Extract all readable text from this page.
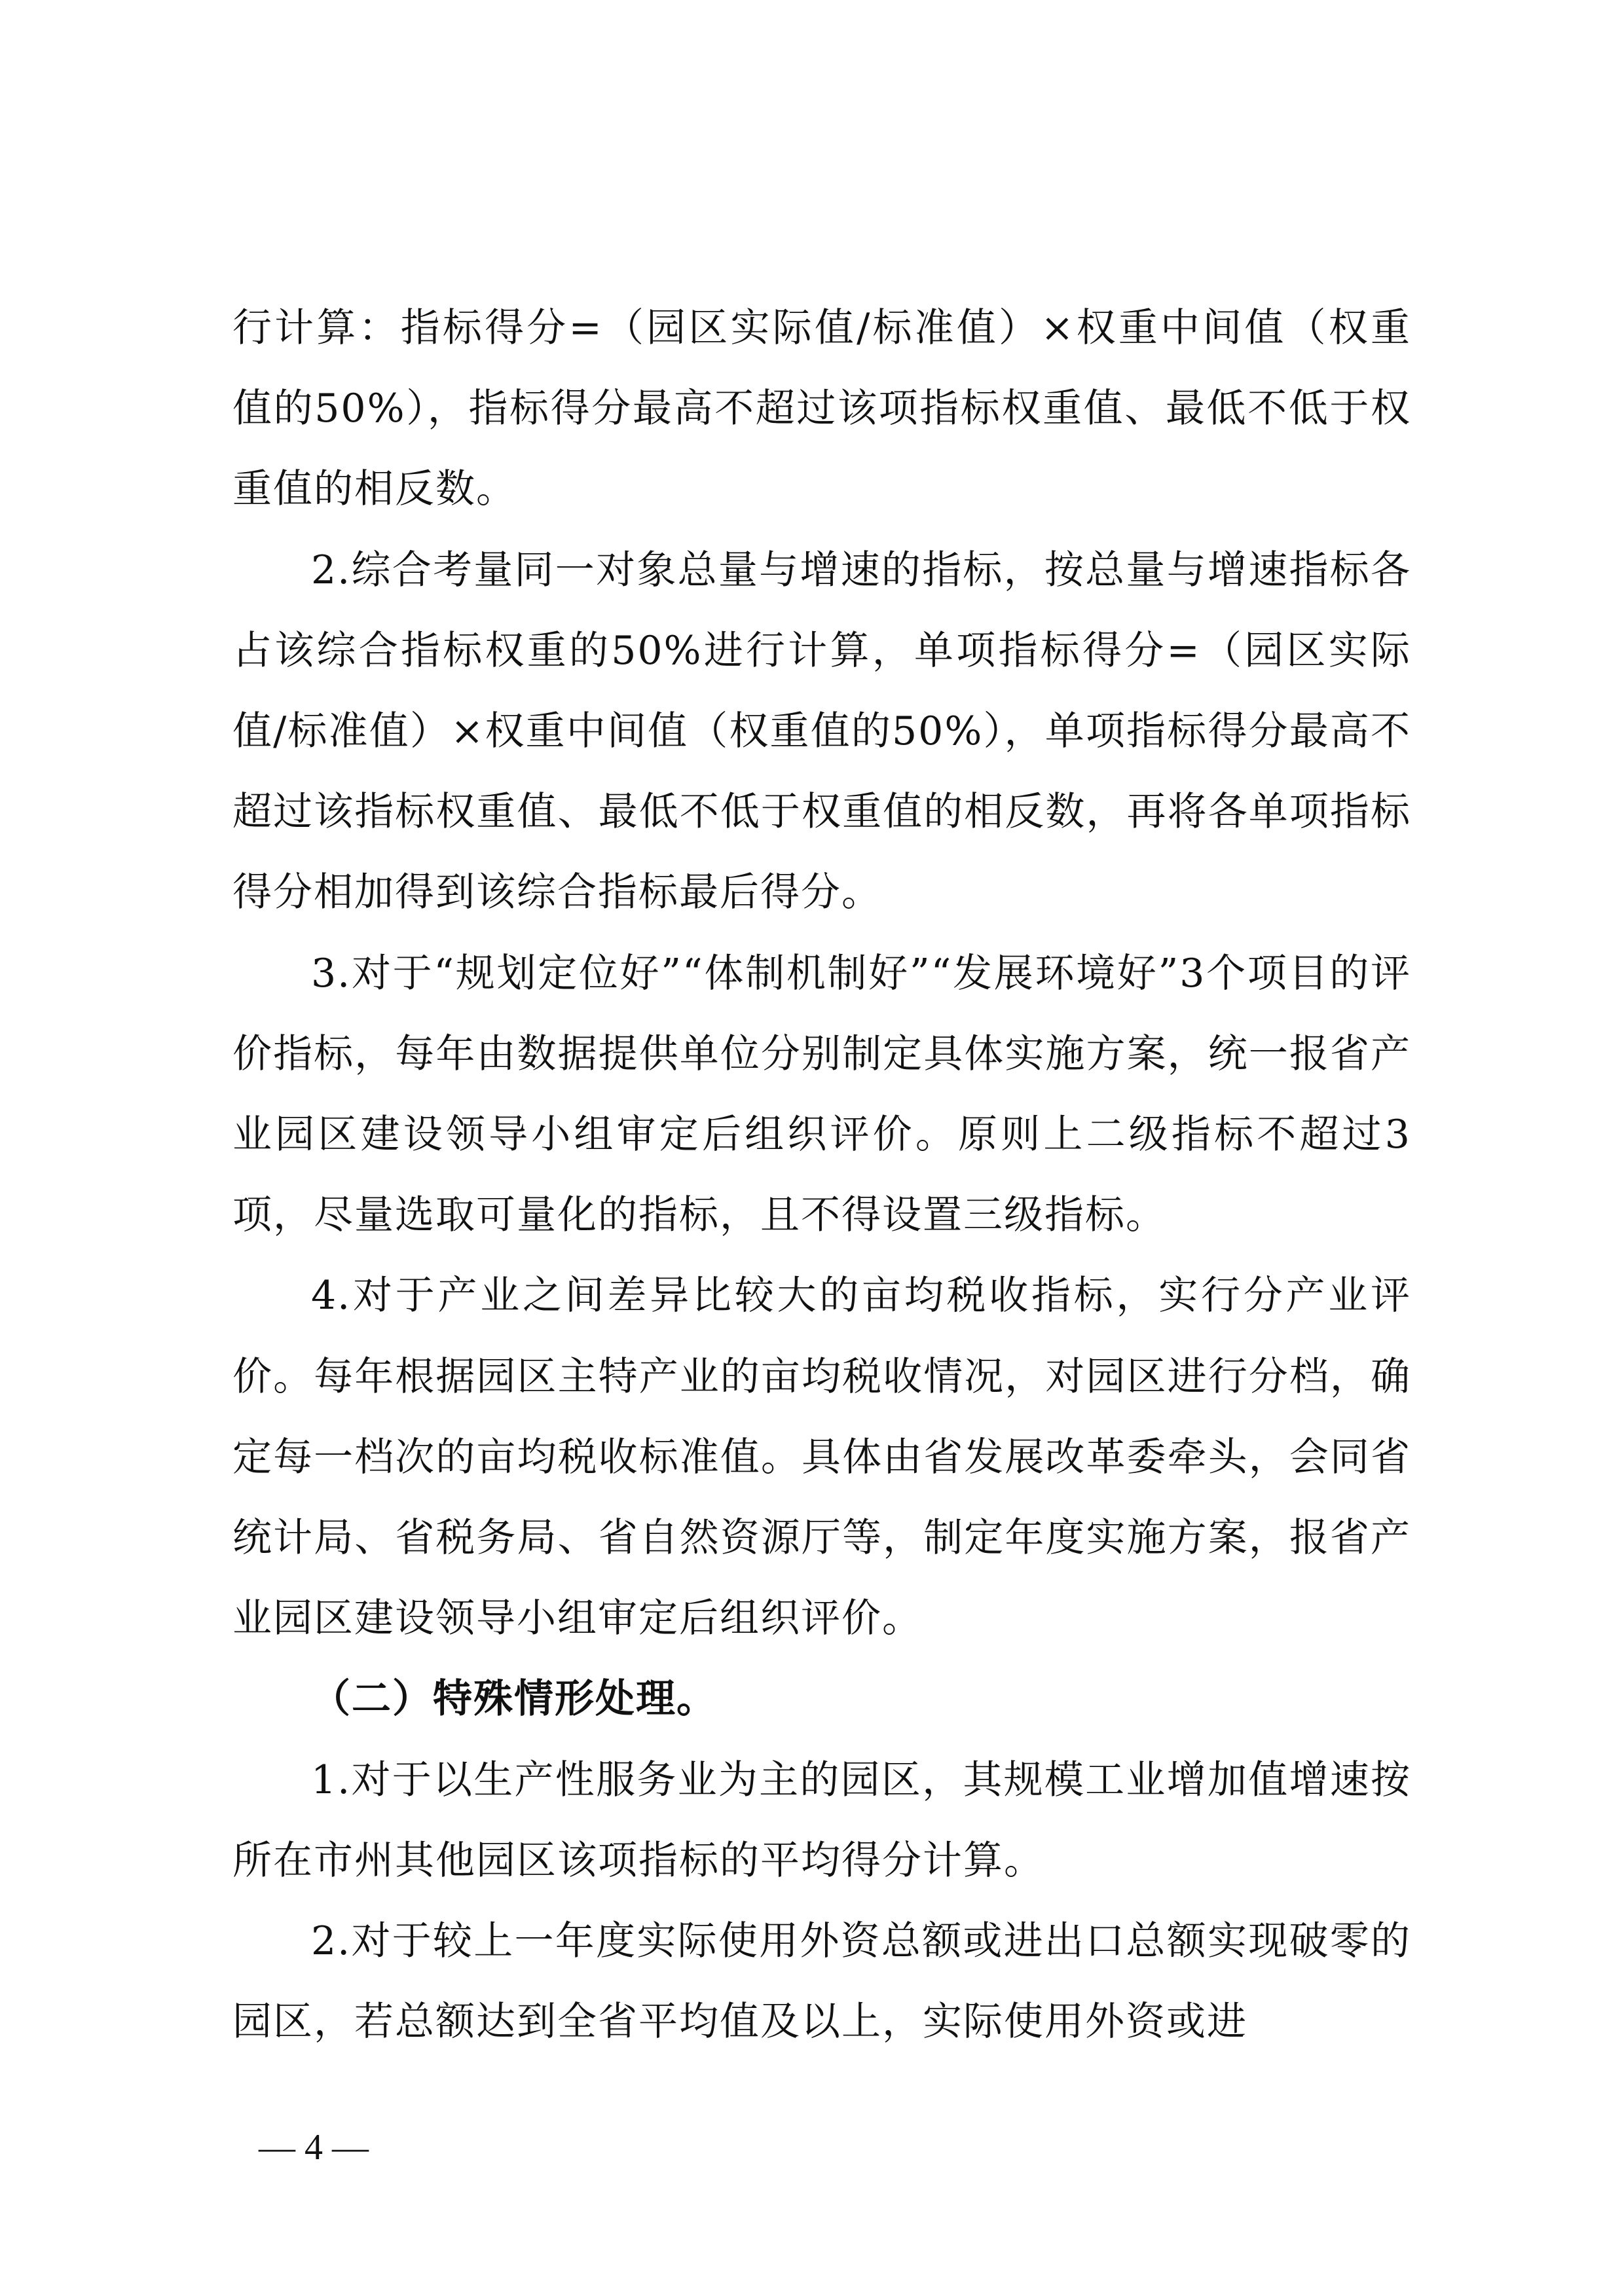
行计算：指标得分=（园区实际值/标准值）×权重中间值（权重值的50%），指标得分最高不超过该项指标权重值、最低不低于权重值的相反数。

2.综合考量同一对象总量与增速的指标，按总量与增速指标各占该综合指标权重的50%进行计算，单项指标得分=（园区实际值/标准值）×权重中间值（权重值的50%），单项指标得分最高不超过该指标权重值、最低不低于权重值的相反数，再将各单项指标得分相加得到该综合指标最后得分。

3.对于“规划定位好”“体制机制好”“发展环境好”3个项目的评价指标，每年由数据提供单位分别制定具体实施方案，统一报省产业园区建设领导小组审定后组织评价。原则上二级指标不超过3项，尽量选取可量化的指标，且不得设置三级指标。

4.对于产业之间差异比较大的亩均税收指标，实行分产业评价。每年根据园区主特产业的亩均税收情况，对园区进行分档，确定每一档次的亩均税收标准值。具体由省发展改革委牵头，会同省统计局、省税务局、省自然资源厅等，制定年度实施方案，报省产业园区建设领导小组审定后组织评价。

（二）特殊情形处理。

1.对于以生产性服务业为主的园区，其规模工业增加值增速按所在市州其他园区该项指标的平均得分计算。

2.对于较上一年度实际使用外资总额或进出口总额实现破零的园区，若总额达到全省平均值及以上，实际使用外资或进

— 4 —
